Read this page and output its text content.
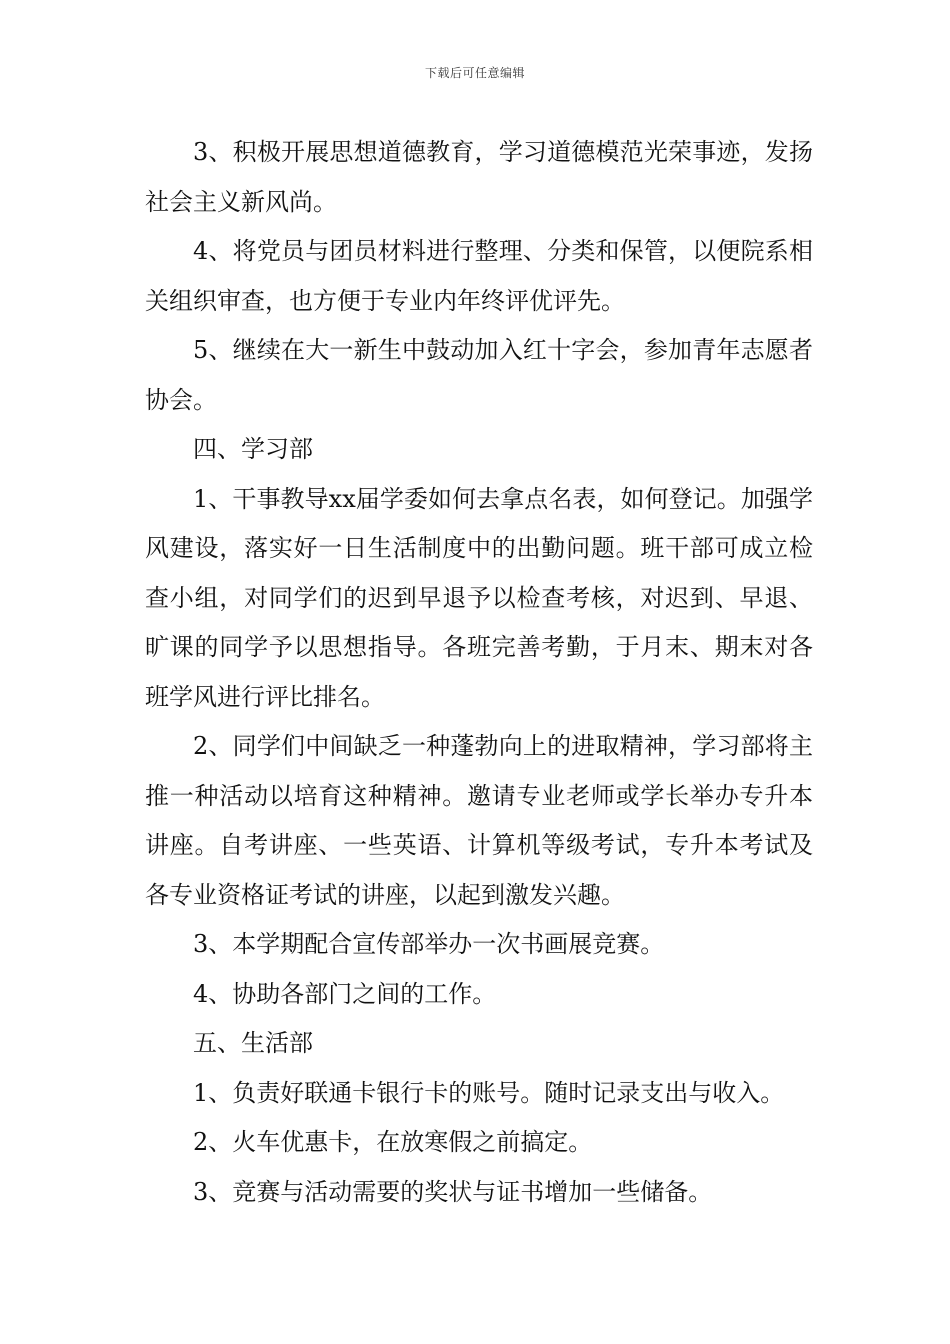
下载后可任意编辑

3、积极开展思想道德教育，学习道德模范光荣事迹，发扬社会主义新风尚。

4、将党员与团员材料进行整理、分类和保管，以便院系相关组织审查，也方便于专业内年终评优评先。

5、继续在大一新生中鼓动加入红十字会，参加青年志愿者协会。

四、学习部

1、干事教导xx届学委如何去拿点名表，如何登记。加强学风建设，落实好一日生活制度中的出勤问题。班干部可成立检查小组，对同学们的迟到早退予以检查考核，对迟到、早退、旷课的同学予以思想指导。各班完善考勤，于月末、期末对各班学风进行评比排名。

2、同学们中间缺乏一种蓬勃向上的进取精神，学习部将主推一种活动以培育这种精神。邀请专业老师或学长举办专升本讲座。自考讲座、一些英语、计算机等级考试，专升本考试及各专业资格证考试的讲座，以起到激发兴趣。

3、本学期配合宣传部举办一次书画展竞赛。

4、协助各部门之间的工作。

五、生活部

1、负责好联通卡银行卡的账号。随时记录支出与收入。

2、火车优惠卡，在放寒假之前搞定。

3、竞赛与活动需要的奖状与证书增加一些储备。
